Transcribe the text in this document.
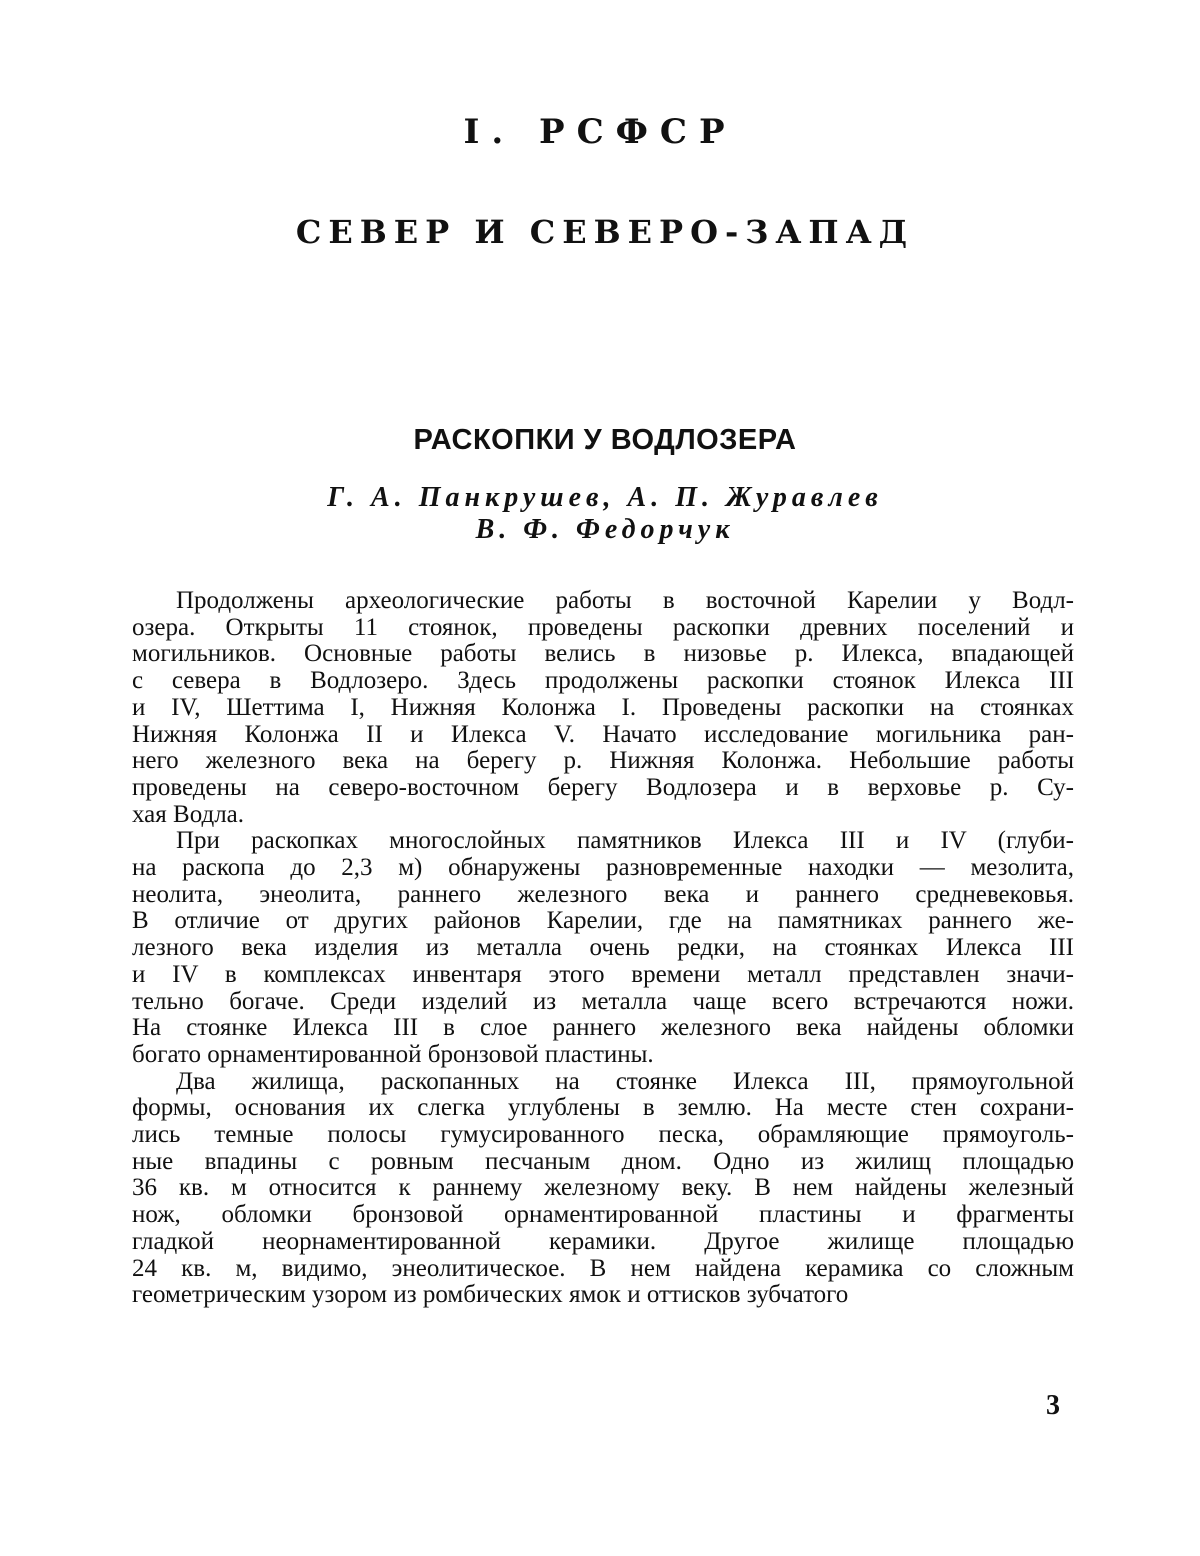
I. РСФСР
СЕВЕР И СЕВЕРО-ЗАПАД
РАСКОПКИ У ВОДЛОЗЕРА
Г. А. Панкрушев, А. П. Журавлев
В. Ф. Федорчук

Продолжены археологические работы в восточной Карелии у Водл-
озера. Открыты 11 стоянок, проведены раскопки древних поселений и
могильников. Основные работы велись в низовье р. Илекса, впадающей
с севера в Водлозеро. Здесь продолжены раскопки стоянок Илекса III
и IV, Шеттима I, Нижняя Колонжа I. Проведены раскопки на стоянках
Нижняя Колонжа II и Илекса V. Начато исследование могильника ран-
него железного века на берегу р. Нижняя Колонжа. Небольшие работы
проведены на северо-восточном берегу Водлозера и в верховье р. Су-
хая Водла.

При раскопках многослойных памятников Илекса III и IV (глуби-
на раскопа до 2,3 м) обнаружены разновременные находки — мезолита,
неолита, энеолита, раннего железного века и раннего средневековья.
В отличие от других районов Карелии, где на памятниках раннего же-
лезного века изделия из металла очень редки, на стоянках Илекса III
и IV в комплексах инвентаря этого времени металл представлен значи-
тельно богаче. Среди изделий из металла чаще всего встречаются ножи.
На стоянке Илекса III в слое раннего железного века найдены обломки
богато орнаментированной бронзовой пластины.

Два жилища, раскопанных на стоянке Илекса III, прямоугольной
формы, основания их слегка углублены в землю. На месте стен сохрани-
лись темные полосы гумусированного песка, обрамляющие прямоуголь-
ные впадины с ровным песчаным дном. Одно из жилищ площадью
36 кв. м относится к раннему железному веку. В нем найдены железный
нож, обломки бронзовой орнаментированной пластины и фрагменты
гладкой неорнаментированной керамики. Другое жилище площадью
24 кв. м, видимо, энеолитическое. В нем найдена керамика со сложным
геометрическим узором из ромбических ямок и оттисков зубчатого

3
